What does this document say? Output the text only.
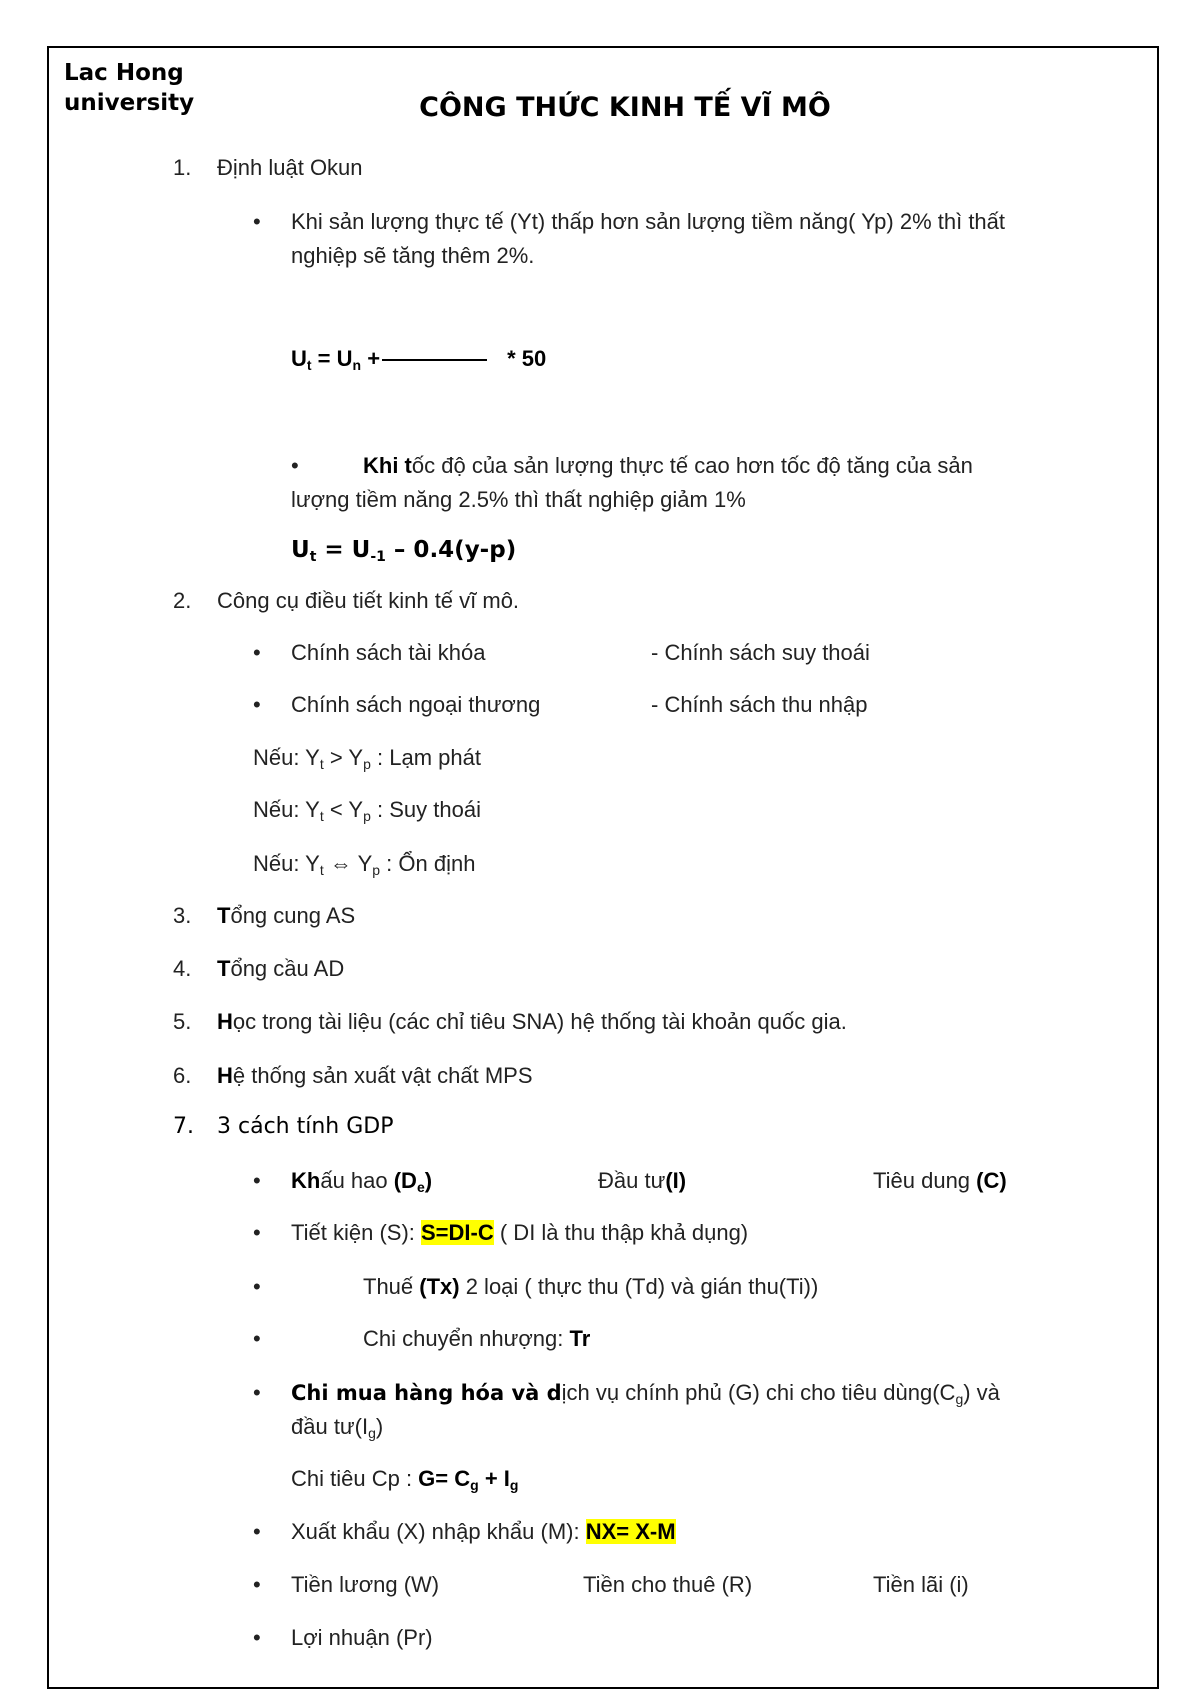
Lac Hong
university	CÔNG THỨC KINH TẾ VĨ MÔ
1. Định luật Okun
• Khi sản lượng thực tế (Yt) thấp hơn sản lượng tiềm năng( Yp) 2% thì thất
nghiệp sẽ tăng thêm 2%.
$U_t = U_n$ +	* 50
•	Khi tốc độ của sản lượng thực tế cao hơn tốc độ tăng của sản
lượng tiềm năng 2.5% thì thất nghiệp giảm 1%
$U_t = U_{-1} - 0.4(y-p)$
2. Công cụ điều tiết kinh tế vĩ mô.
• Chính sách tài khóa	- Chính sách suy thoái
• Chính sách ngoại thương	- Chính sách thu nhập
Nếu: $Y_t > Y_p$ : Lạm phát
Nếu: $Y_t < Y_p$ : Suy thoái
Nếu: $Y_t$ ⇔ $Y_p$ : Ổn định
3. Tổng cung AS
4. Tổng cầu AD
5. Học trong tài liệu (các chỉ tiêu SNA) hệ thống tài khoản quốc gia.
6. Hệ thống sản xuất vật chất MPS
7. 3 cách tính GDP
• Khấu hao $(D_e)$	Đầu tư(I)	Tiêu dung (C)
• Tiết kiện (S): S=DI-C ( DI là thu thập khả dụng)
•	Thuế (Tx) 2 loại ( thực thu (Td) và gián thu(Ti))
•	Chi chuyển nhượng: Tr
• Chi mua hàng hóa và dịch vụ chính phủ (G) chi cho tiêu $dùng(C_g)$ và
đầu $tư(I_g)$
Chi tiêu Cp : $G= C_g + I_g$
• Xuất khẩu (X) nhập khẩu (M): NX= X-M
• Tiền lương (W)	Tiền cho thuê (R)	Tiền lãi (i)
• Lợi nhuận (Pr)
